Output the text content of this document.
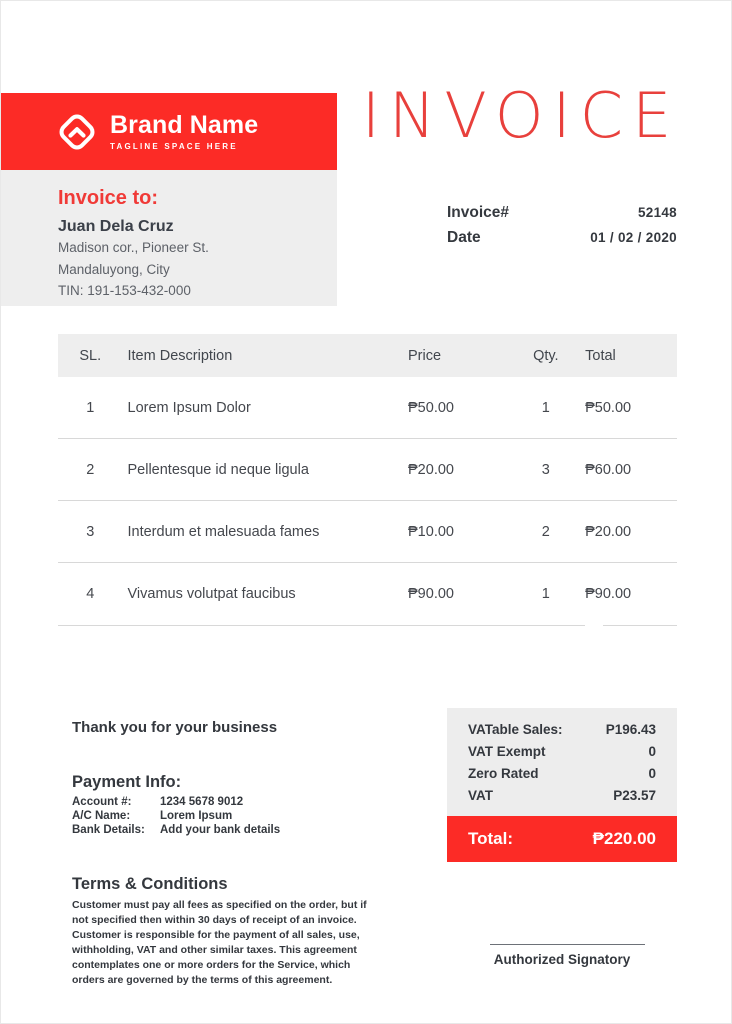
Brand Name
TAGLINE SPACE HERE	INVOICE
Invoice to:
Juan Dela Cruz
Madison cor., Pioneer St.
Mandaluyong, City
TIN: 191-153-432-000
Invoice#	52148
Date	01 / 02 / 2020
SL.	Item Description	Price	Qty.	Total
1	Lorem Ipsum Dolor	₱50.00	1	₱50.00
2	Pellentesque id neque ligula	₱20.00	3	₱60.00
3	Interdum et malesuada fames	₱10.00	2	₱20.00
4	Vivamus volutpat faucibus	₱90.00	1	₱90.00
Thank you for your business
Payment Info:
Account #:	1234 5678 9012
A/C Name:	Lorem Ipsum
Bank Details:	Add your bank details
Terms & Conditions
Customer must pay all fees as specified on the order, but if not specified then within 30 days of receipt of an invoice. Customer is responsible for the payment of all sales, use, withholding, VAT and other similar taxes. This agreement contemplates one or more orders for the Service, which orders are governed by the terms of this agreement.
VATable Sales:	P196.43
VAT Exempt	0
Zero Rated	0
VAT	P23.57
Total:	₱220.00
Authorized Signatory
